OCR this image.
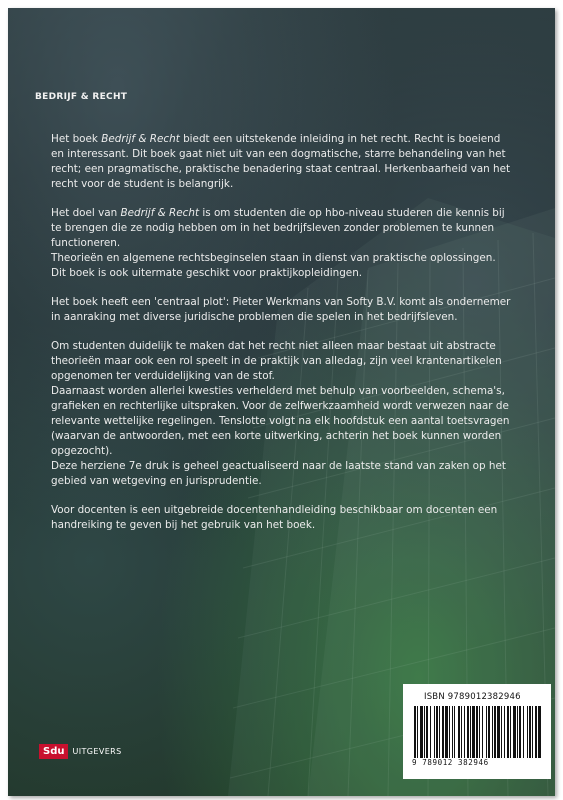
BEDRIJF & RECHT

Het boek Bedrijf & Recht biedt een uitstekende inleiding in het recht. Recht is boeiend en interessant. Dit boek gaat niet uit van een dogmatische, starre behandeling van het recht; een pragmatische, praktische benadering staat centraal. Herkenbaarheid van het recht voor de student is belangrijk.

Het doel van Bedrijf & Recht is om studenten die op hbo-niveau studeren die kennis bij te brengen die ze nodig hebben om in het bedrijfsleven zonder problemen te kunnen functioneren.
Theorieën en algemene rechtsbeginselen staan in dienst van praktische oplossingen. Dit boek is ook uitermate geschikt voor praktijkopleidingen.

Het boek heeft een 'centraal plot': Pieter Werkmans van Softy B.V. komt als ondernemer in aanraking met diverse juridische problemen die spelen in het bedrijfsleven.

Om studenten duidelijk te maken dat het recht niet alleen maar bestaat uit abstracte theorieën maar ook een rol speelt in de praktijk van alledag, zijn veel krantenartikelen opgenomen ter verduidelijking van de stof.
Daarnaast worden allerlei kwesties verhelderd met behulp van voorbeelden, schema's, grafieken en rechterlijke uitspraken. Voor de zelfwerkzaamheid wordt verwezen naar de relevante wettelijke regelingen. Tenslotte volgt na elk hoofdstuk een aantal toetsvragen (waarvan de antwoorden, met een korte uitwerking, achterin het boek kunnen worden opgezocht).
Deze herziene 7e druk is geheel geactualiseerd naar de laatste stand van zaken op het gebied van wetgeving en jurisprudentie.

Voor docenten is een uitgebreide docentenhandleiding beschikbaar om docenten een handreiking te geven bij het gebruik van het boek.

ISBN 9789012382946
9 789012 382946
Sdu	UITGEVERS
